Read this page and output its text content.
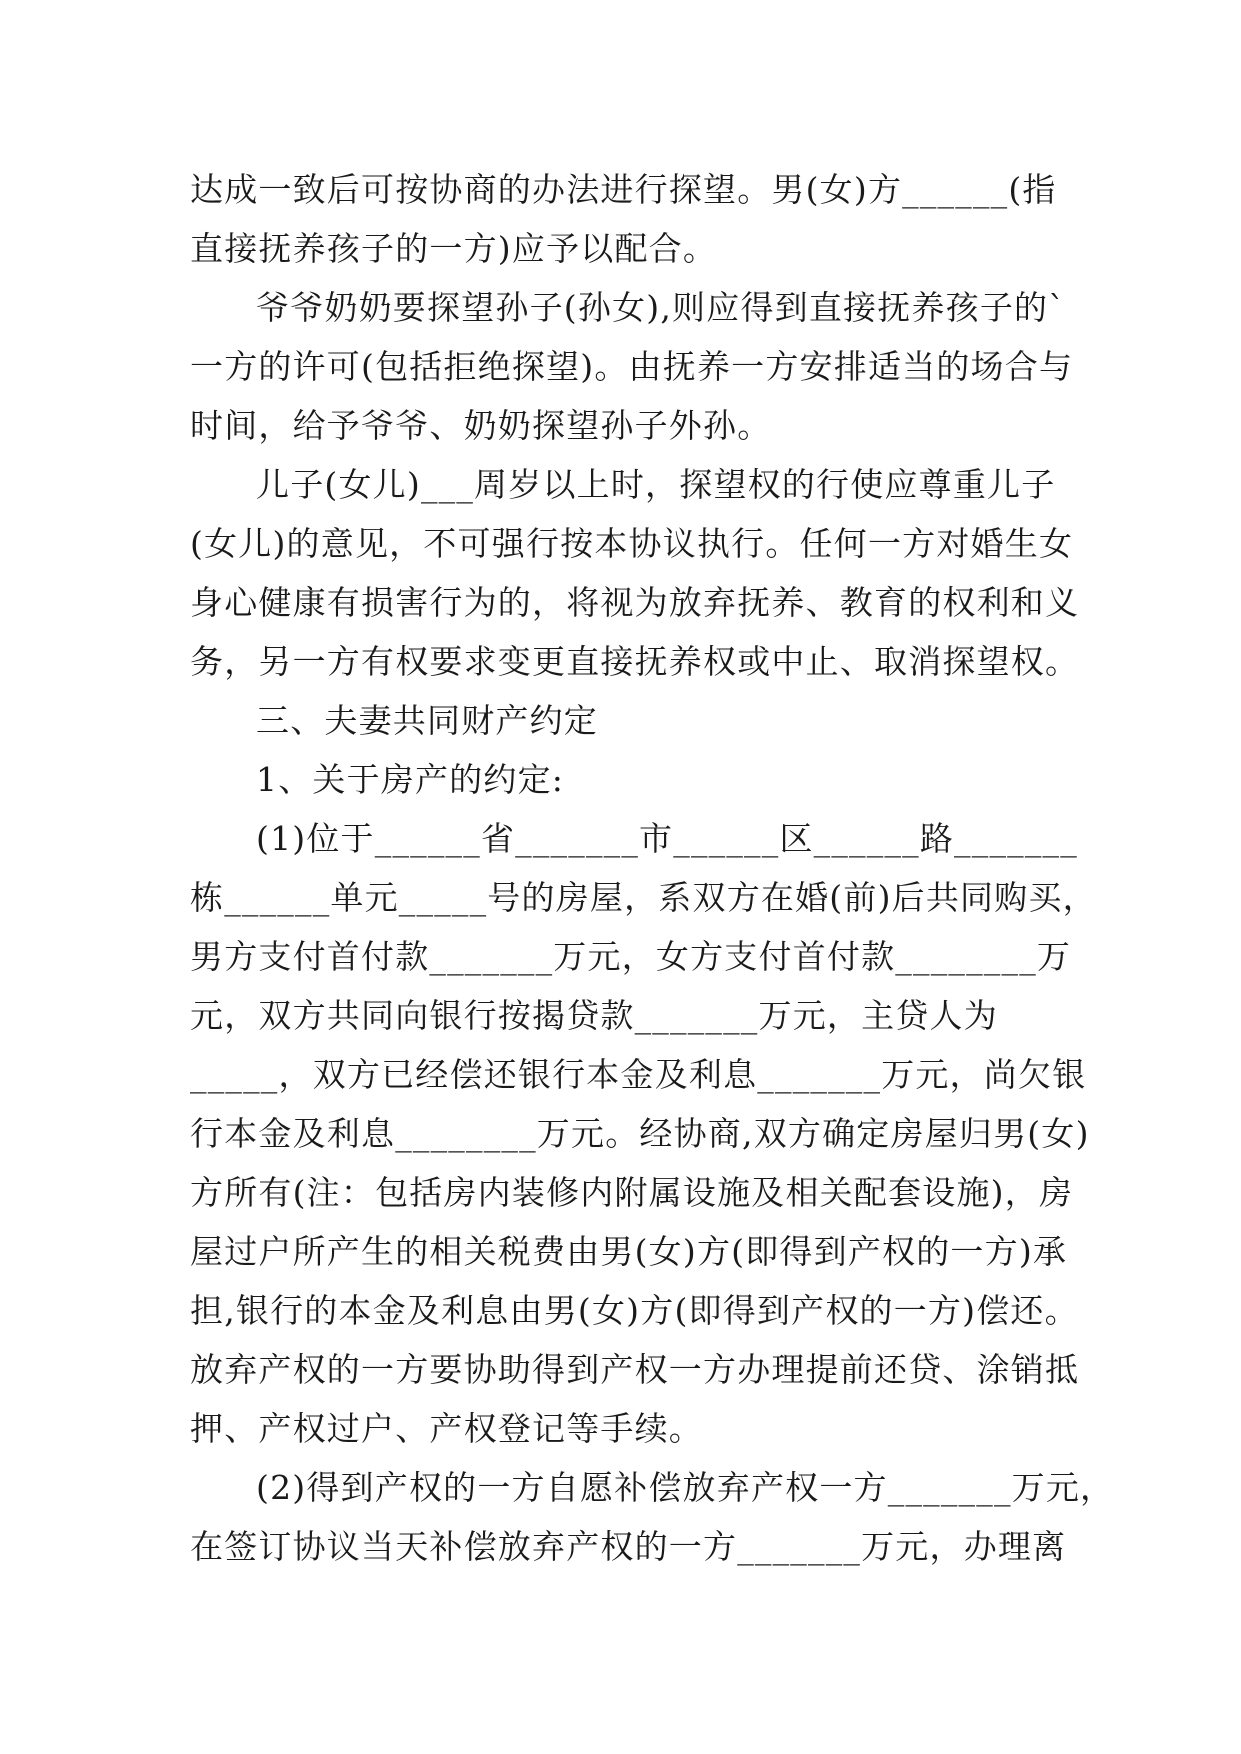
达成一致后可按协商的办法进行探望。男(女)方______(指
直接抚养孩子的一方)应予以配合。
爷爷奶奶要探望孙子(孙女),则应得到直接抚养孩子的`
一方的许可(包括拒绝探望)。由抚养一方安排适当的场合与
时间，给予爷爷、奶奶探望孙子外孙。
儿子(女儿)___周岁以上时，探望权的行使应尊重儿子
(女儿)的意见，不可强行按本协议执行。任何一方对婚生女
身心健康有损害行为的，将视为放弃抚养、教育的权利和义
务，另一方有权要求变更直接抚养权或中止、取消探望权。
三、夫妻共同财产约定
1、关于房产的约定:
(1)位于______省_______市______区______路_______
栋______单元_____号的房屋，系双方在婚(前)后共同购买，
男方支付首付款_______万元，女方支付首付款________万
元，双方共同向银行按揭贷款_______万元，主贷人为
_____，双方已经偿还银行本金及利息_______万元，尚欠银
行本金及利息________万元。经协商,双方确定房屋归男(女)
方所有(注：包括房内装修内附属设施及相关配套设施)，房
屋过户所产生的相关税费由男(女)方(即得到产权的一方)承
担,银行的本金及利息由男(女)方(即得到产权的一方)偿还。
放弃产权的一方要协助得到产权一方办理提前还贷、涂销抵
押、产权过户、产权登记等手续。
(2)得到产权的一方自愿补偿放弃产权一方_______万元，
在签订协议当天补偿放弃产权的一方_______万元，办理离
